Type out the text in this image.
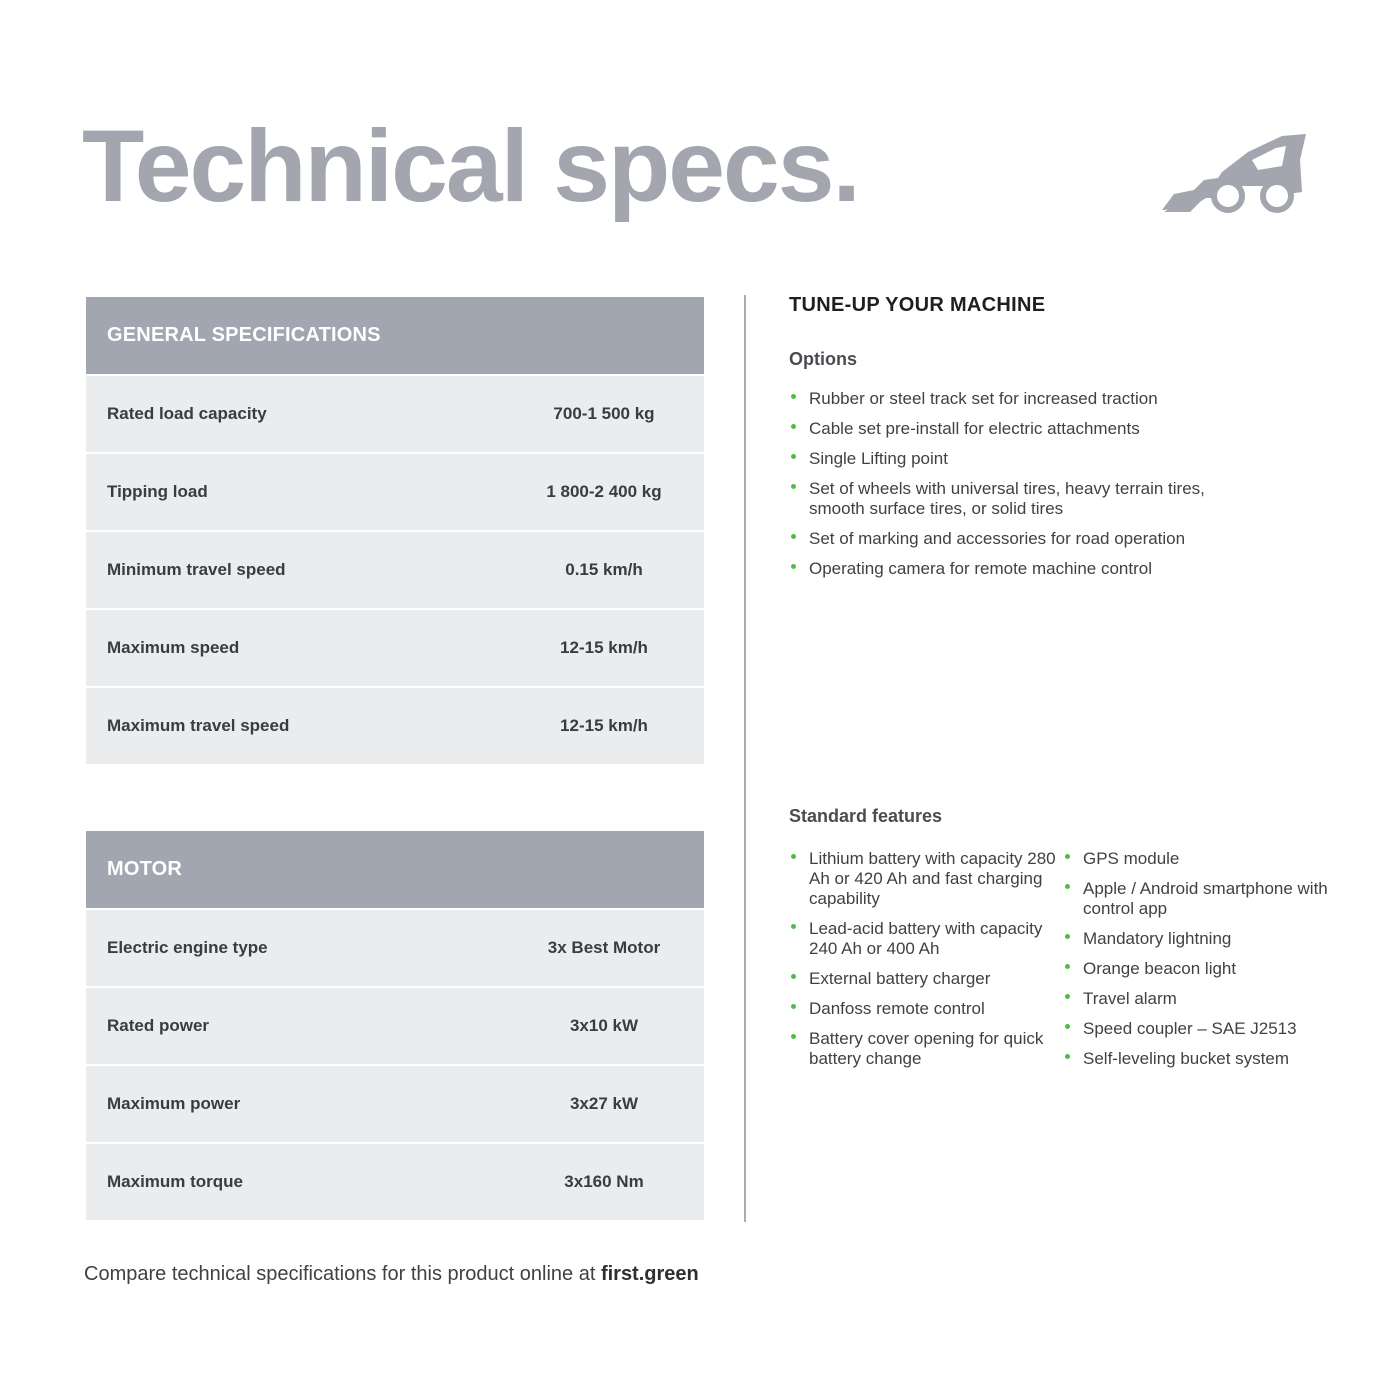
Technical specs.
GENERAL SPECIFICATIONS
Rated load capacity	700-1 500 kg
Tipping load	1 800-2 400 kg
Minimum travel speed	0.15 km/h
Maximum speed	12-15 km/h
Maximum travel speed	12-15 km/h
MOTOR
Electric engine type	3x Best Motor
Rated power	3x10 kW
Maximum power	3x27 kW
Maximum torque	3x160 Nm
TUNE-UP YOUR MACHINE
Options
Rubber or steel track set for increased traction
Cable set pre-install for electric attachments
Single Lifting point
Set of wheels with universal tires, heavy terrain tires, smooth surface tires, or solid tires
Set of marking and accessories for road operation
Operating camera for remote machine control
Standard features
Lithium battery with capacity 280 Ah or 420 Ah and fast charging capability
Lead-acid battery with capacity 240 Ah or 400 Ah
External battery charger
Danfoss remote control
Battery cover opening for quick battery change
GPS module
Apple / Android smartphone with control app
Mandatory lightning
Orange beacon light
Travel alarm
Speed coupler – SAE J2513
Self-leveling bucket system

Compare technical specifications for this product online at first.green
